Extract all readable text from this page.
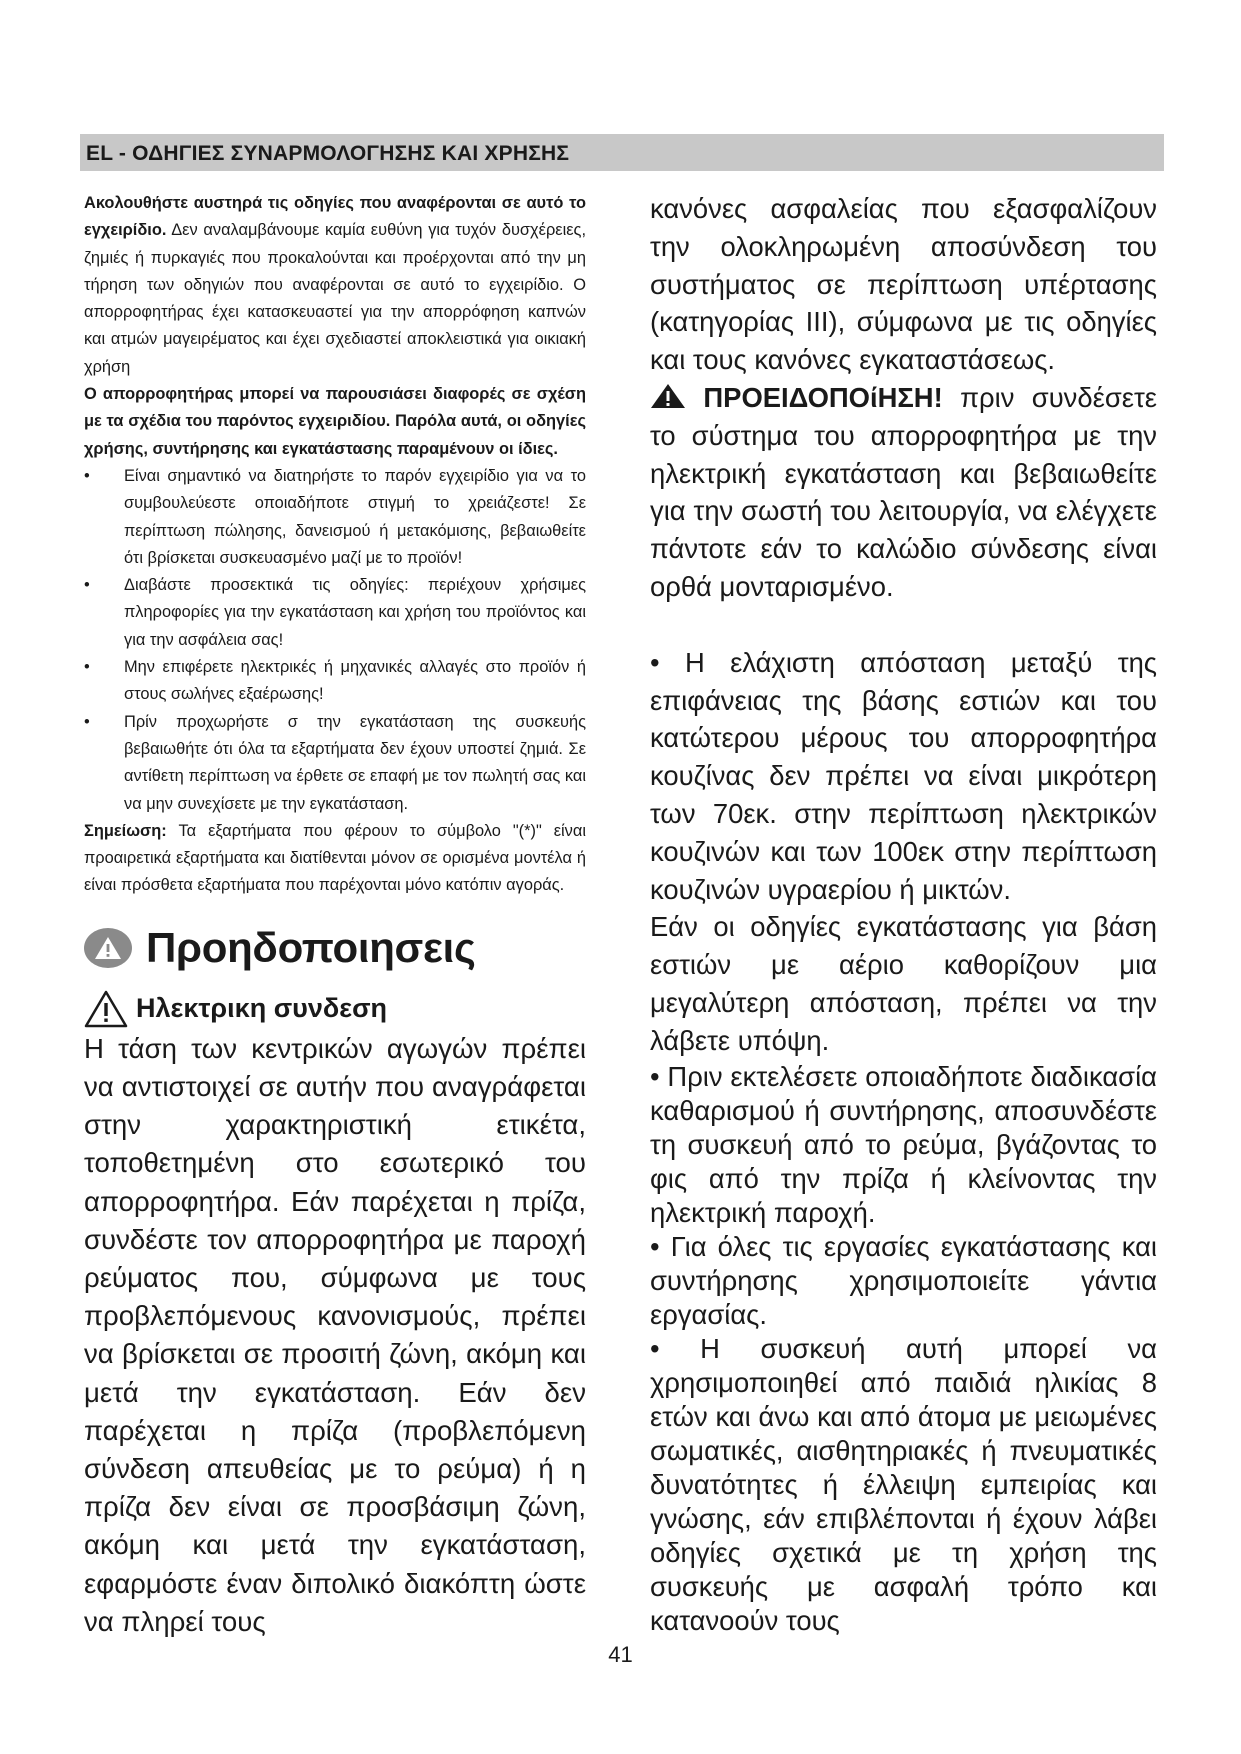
EL - ΟΔΗΓΙΕΣ ΣΥΝΑΡΜΟΛΟΓΗΣΗΣ ΚΑΙ ΧΡΗΣΗΣ

Ακολουθήστε αυστηρά τις οδηγίες που αναφέρονται σε αυτό το εγχειρίδιο. Δεν αναλαμβάνουμε καμία ευθύνη για τυχόν δυσχέρειες, ζημιές ή πυρκαγιές που προκαλούνται και προέρχονται από την μη τήρηση των οδηγιών που αναφέρονται σε αυτό το εγχειρίδιο. Ο απορροφητήρας έχει κατασκευαστεί για την απορρόφηση καπνών και ατμών μαγειρέματος και έχει σχεδιαστεί αποκλειστικά για οικιακή χρήση

Ο απορροφητήρας μπορεί να παρουσιάσει διαφορές σε σχέση με τα σχέδια του παρόντος εγχειριδίου. Παρόλα αυτά, οι οδηγίες χρήσης, συντήρησης και εγκατάστασης παραμένουν οι ίδιες.

• Είναι σημαντικό να διατηρήστε το παρόν εγχειρίδιο για να το συμβουλεύεστε οποιαδήποτε στιγμή το χρειάζεστε! Σε περίπτωση πώλησης, δανεισμού ή μετακόμισης, βεβαιωθείτε ότι βρίσκεται συσκευασμένο μαζί με το προϊόν!
• Διαβάστε προσεκτικά τις οδηγίες: περιέχουν χρήσιμες πληροφορίες για την εγκατάσταση και χρήση του προϊόντος και για την ασφάλεια σας!
• Μην επιφέρετε ηλεκτρικές ή μηχανικές αλλαγές στο προϊόν ή στους σωλήνες εξαέρωσης!
• Πρίν προχωρήστε σ την εγκατάσταση της συσκευής βεβαιωθήτε ότι όλα τα εξαρτήματα δεν έχουν υποστεί ζημιά. Σε αντίθετη περίπτωση να έρθετε σε επαφή με τον πωλητή σας και να μην συνεχίσετε με την εγκατάσταση.

Σημείωση: Τα εξαρτήματα που φέρουν το σύμβολο "(*)" είναι προαιρετικά εξαρτήματα και διατίθενται μόνον σε ορισμένα μοντέλα ή είναι πρόσθετα εξαρτήματα που παρέχονται μόνο κατόπιν αγοράς.

Προηδοποιησεις
Ηλεκτρικη συνδεση

Η τάση των κεντρικών αγωγών πρέπει να αντιστοιχεί σε αυτήν που αναγράφεται στην χαρακτηριστική ετικέτα, τοποθετημένη στο εσωτερικό του απορροφητήρα. Εάν παρέχεται η πρίζα, συνδέστε τον απορροφητήρα με παροχή ρεύματος που, σύμφωνα με τους προβλεπόμενους κανονισμούς, πρέπει να βρίσκεται σε προσιτή ζώνη, ακόμη και μετά την εγκατάσταση. Εάν δεν παρέχεται η πρίζα (προβλεπόμενη σύνδεση απευθείας με το ρεύμα) ή η πρίζα δεν είναι σε προσβάσιμη ζώνη, ακόμη και μετά την εγκατάσταση, εφαρμόστε έναν διπολικό διακόπτη ώστε να πληρεί τους

κανόνες ασφαλείας που εξασφαλίζουν την ολοκληρωμένη αποσύνδεση του συστήματος σε περίπτωση υπέρτασης (κατηγορίας ΙΙΙ), σύμφωνα με τις οδηγίες και τους κανόνες εγκαταστάσεως.

ΠΡΟΕΙΔΟΠΟίΗΣΗ! πριν συνδέσετε το σύστημα του απορροφητήρα με την ηλεκτρική εγκατάσταση και βεβαιωθείτε για την σωστή του λειτουργία, να ελέγχετε πάντοτε εάν το καλώδιο σύνδεσης είναι ορθά μονταρισμένο.

• Η ελάχιστη απόσταση μεταξύ της επιφάνειας της βάσης εστιών και του κατώτερου μέρους του απορροφητήρα κουζίνας δεν πρέπει να είναι μικρότερη των 70εκ. στην περίπτωση ηλεκτρικών κουζινών και των 100εκ στην περίπτωση κουζινών υγραερίου ή μικτών.

Εάν οι οδηγίες εγκατάστασης για βάση εστιών με αέριο καθορίζουν μια μεγαλύτερη απόσταση, πρέπει να την λάβετε υπόψη.

• Πριν εκτελέσετε οποιαδήποτε διαδικασία καθαρισμού ή συντήρησης, αποσυνδέστε τη συσκευή από το ρεύμα, βγάζοντας το φις από την πρίζα ή κλείνοντας την ηλεκτρική παροχή.

• Για όλες τις εργασίες εγκατάστασης και συντήρησης χρησιμοποιείτε γάντια εργασίας.

• Η συσκευή αυτή μπορεί να χρησιμοποιηθεί από παιδιά ηλικίας 8 ετών και άνω και από άτομα με μειωμένες σωματικές, αισθητηριακές ή πνευματικές δυνατότητες ή έλλειψη εμπειρίας και γνώσης, εάν επιβλέπονται ή έχουν λάβει οδηγίες σχετικά με τη χρήση της συσκευής με ασφαλή τρόπο και κατανοούν τους

41
